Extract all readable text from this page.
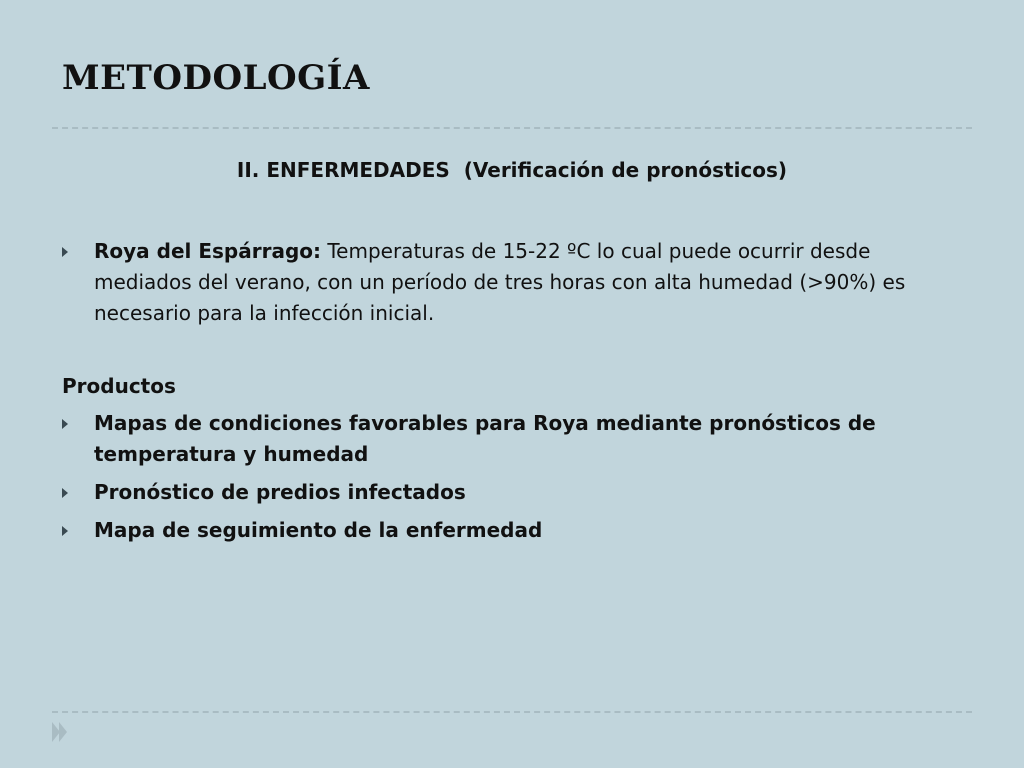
METODOLOGÍA
II. ENFERMEDADES  (Verificación de pronósticos)
Roya del Espárrago: Temperaturas de 15-22 ºC lo cual puede ocurrir desde mediados del verano, con un período de tres horas con alta humedad (>90%) es necesario para la infección inicial.
Productos
Mapas de condiciones favorables para Roya mediante pronósticos de temperatura y humedad
Pronóstico de predios infectados
Mapa de seguimiento de la enfermedad
